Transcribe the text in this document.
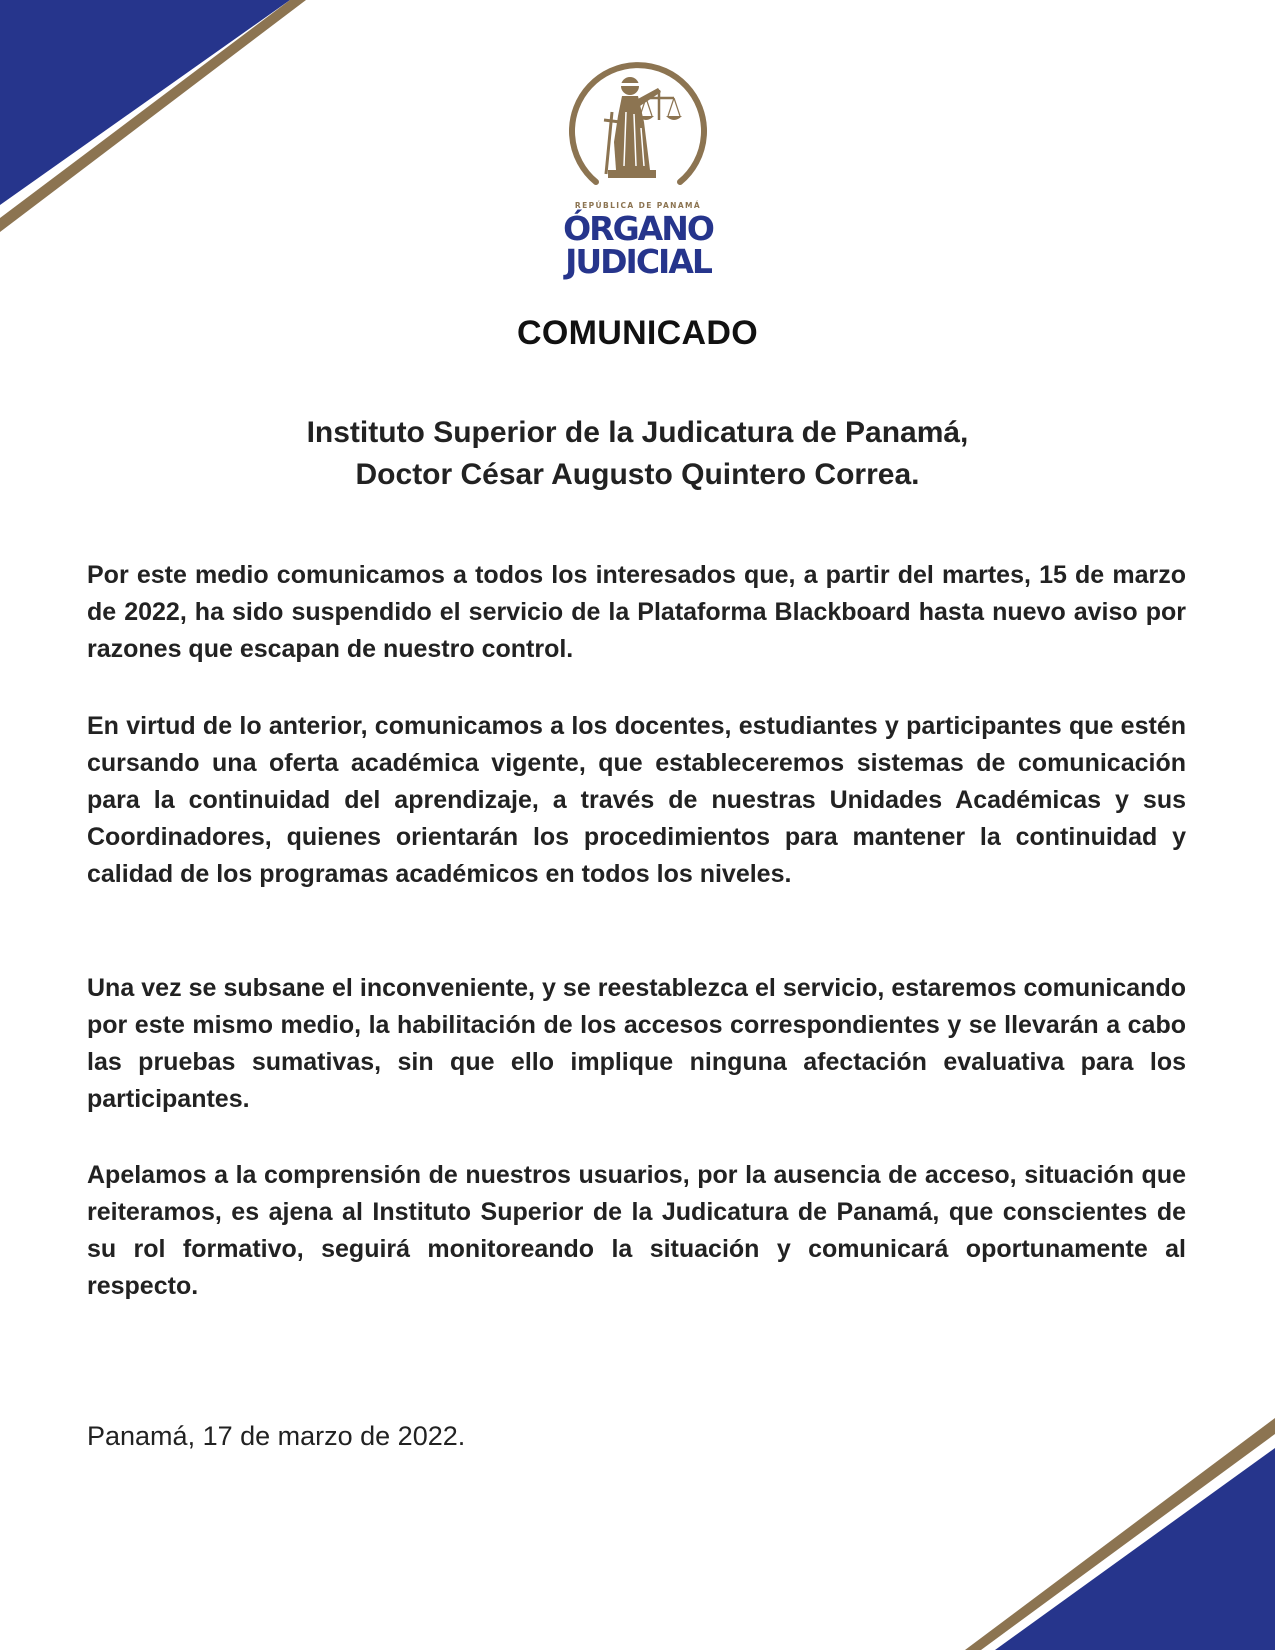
REPÚBLICA DE PANAMÁ
ÓRGANO
JUDICIAL
COMUNICADO
Instituto Superior de la Judicatura de Panamá,
Doctor César Augusto Quintero Correa.

Por este medio comunicamos a todos los interesados que, a partir del martes, 15 de marzo de 2022, ha sido suspendido el servicio de la Plataforma Blackboard hasta nuevo aviso por razones que escapan de nuestro control.

En virtud de lo anterior, comunicamos a los docentes, estudiantes y participantes que estén cursando una oferta académica vigente, que estableceremos sistemas de comunicación para la continuidad del aprendizaje, a través de nuestras Unidades Académicas y sus Coordinadores, quienes orientarán los procedimientos para mantener la continuidad y calidad de los programas académicos en todos los niveles.

Una vez se subsane el inconveniente, y se reestablezca el servicio, estaremos comunicando por este mismo medio, la habilitación de los accesos correspondientes y se llevarán a cabo las pruebas sumativas, sin que ello implique ninguna afectación evaluativa para los participantes.

Apelamos a la comprensión de nuestros usuarios, por la ausencia de acceso, situación que reiteramos, es ajena al Instituto Superior de la Judicatura de Panamá, que conscientes de su rol formativo, seguirá monitoreando la situación y comunicará oportunamente al respecto.

Panamá, 17 de marzo de 2022.
